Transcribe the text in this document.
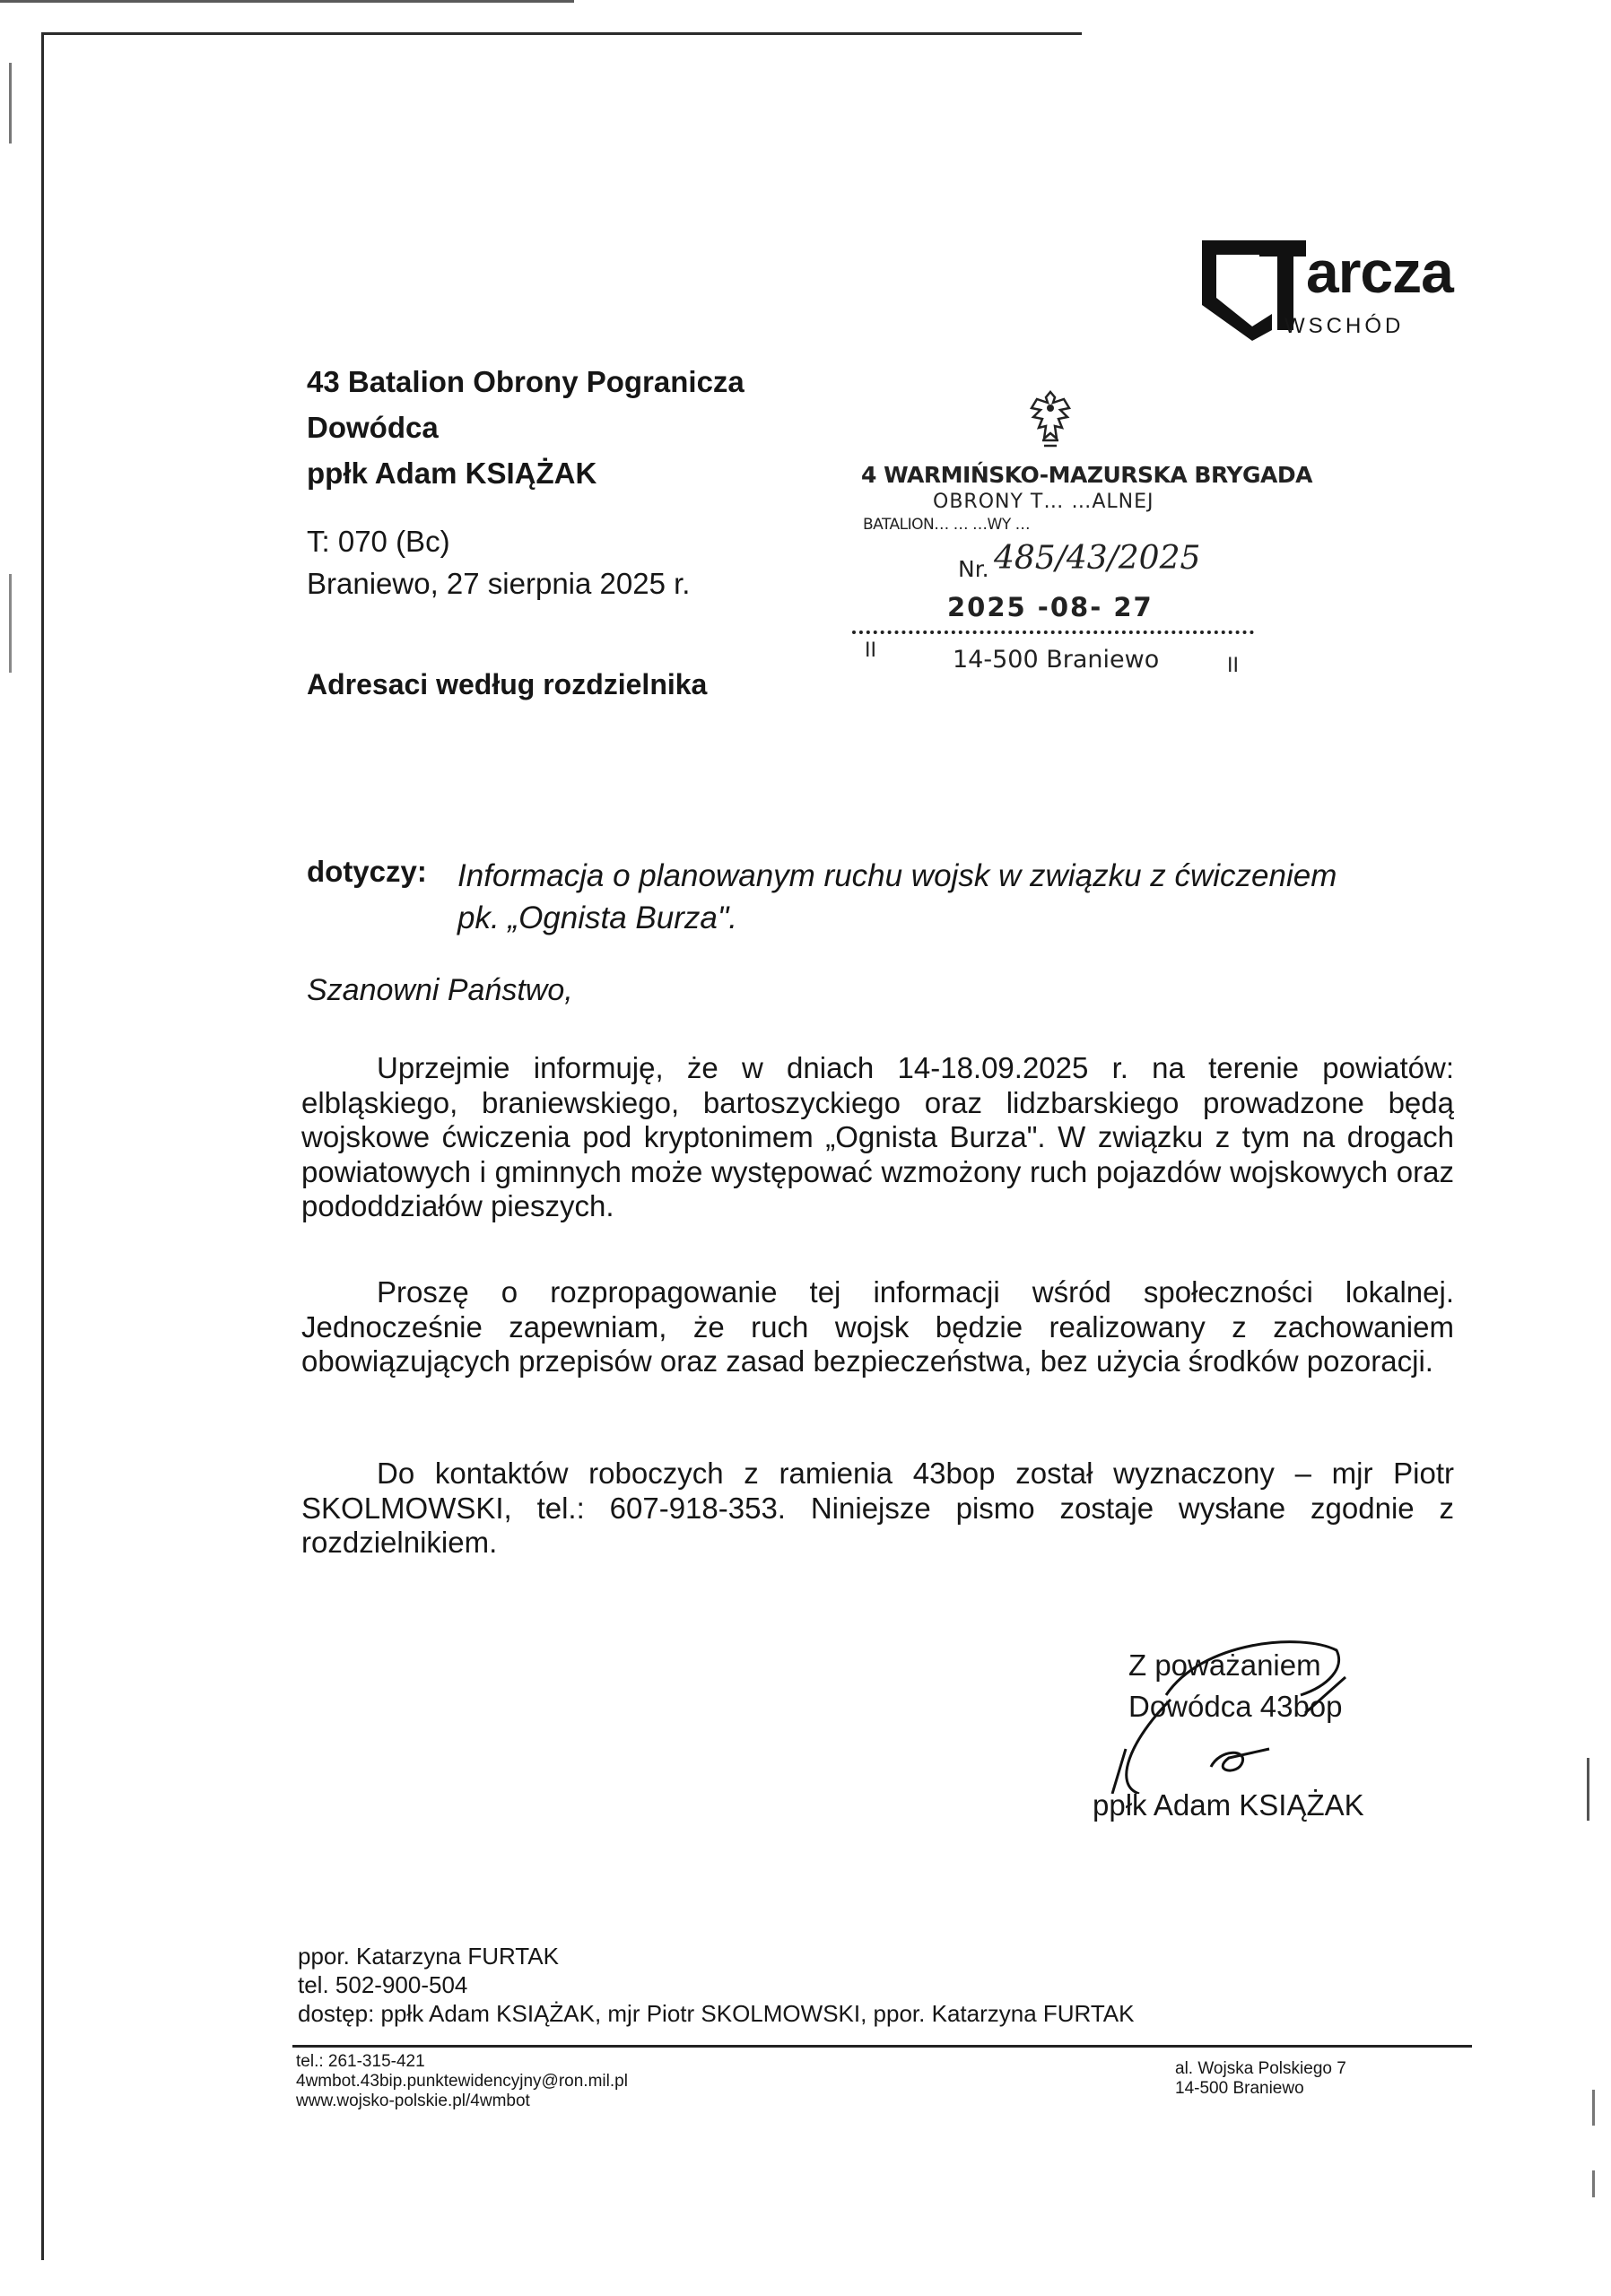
arcza
WSCHÓD
43 Batalion Obrony Pogranicza
Dowódca
ppłk Adam KSIĄŻAK
T: 070 (Bc)
Braniewo, 27 sierpnia 2025 r.
Adresaci według rozdzielnika
4 WARMIŃSKO-MAZURSKA BRYGADA
OBRONY T… …ALNEJ
BATALION… … …WY …
Nr. 485/43/2025
2025 -08- 27
II	14-500 Braniewo	II
dotyczy: Informacja o planowanym ruchu wojsk w związku z ćwiczeniem pk. „Ognista Burza".
Szanowni Państwo,

Uprzejmie informuję, że w dniach 14-18.09.2025 r. na terenie powiatów: elbląskiego, braniewskiego, bartoszyckiego oraz lidzbarskiego prowadzone będą wojskowe ćwiczenia pod kryptonimem „Ognista Burza". W związku z tym na drogach powiatowych i gminnych może występować wzmożony ruch pojazdów wojskowych oraz pododdziałów pieszych.

Proszę o rozpropagowanie tej informacji wśród społeczności lokalnej. Jednocześnie zapewniam, że ruch wojsk będzie realizowany z zachowaniem obowiązujących przepisów oraz zasad bezpieczeństwa, bez użycia środków pozoracji.

Do kontaktów roboczych z ramienia 43bop został wyznaczony – mjr Piotr SKOLMOWSKI, tel.: 607-918-353. Niniejsze pismo zostaje wysłane zgodnie z rozdzielnikiem.

Z poważaniem
Dowódca 43bop
ppłk Adam KSIĄŻAK
ppor. Katarzyna FURTAK
tel. 502-900-504
dostęp: ppłk Adam KSIĄŻAK, mjr Piotr SKOLMOWSKI, ppor. Katarzyna FURTAK
tel.: 261-315-421
4wmbot.43bip.punktewidencyjny@ron.mil.pl
www.wojsko-polskie.pl/4wmbot
al. Wojska Polskiego 7
14-500 Braniewo
